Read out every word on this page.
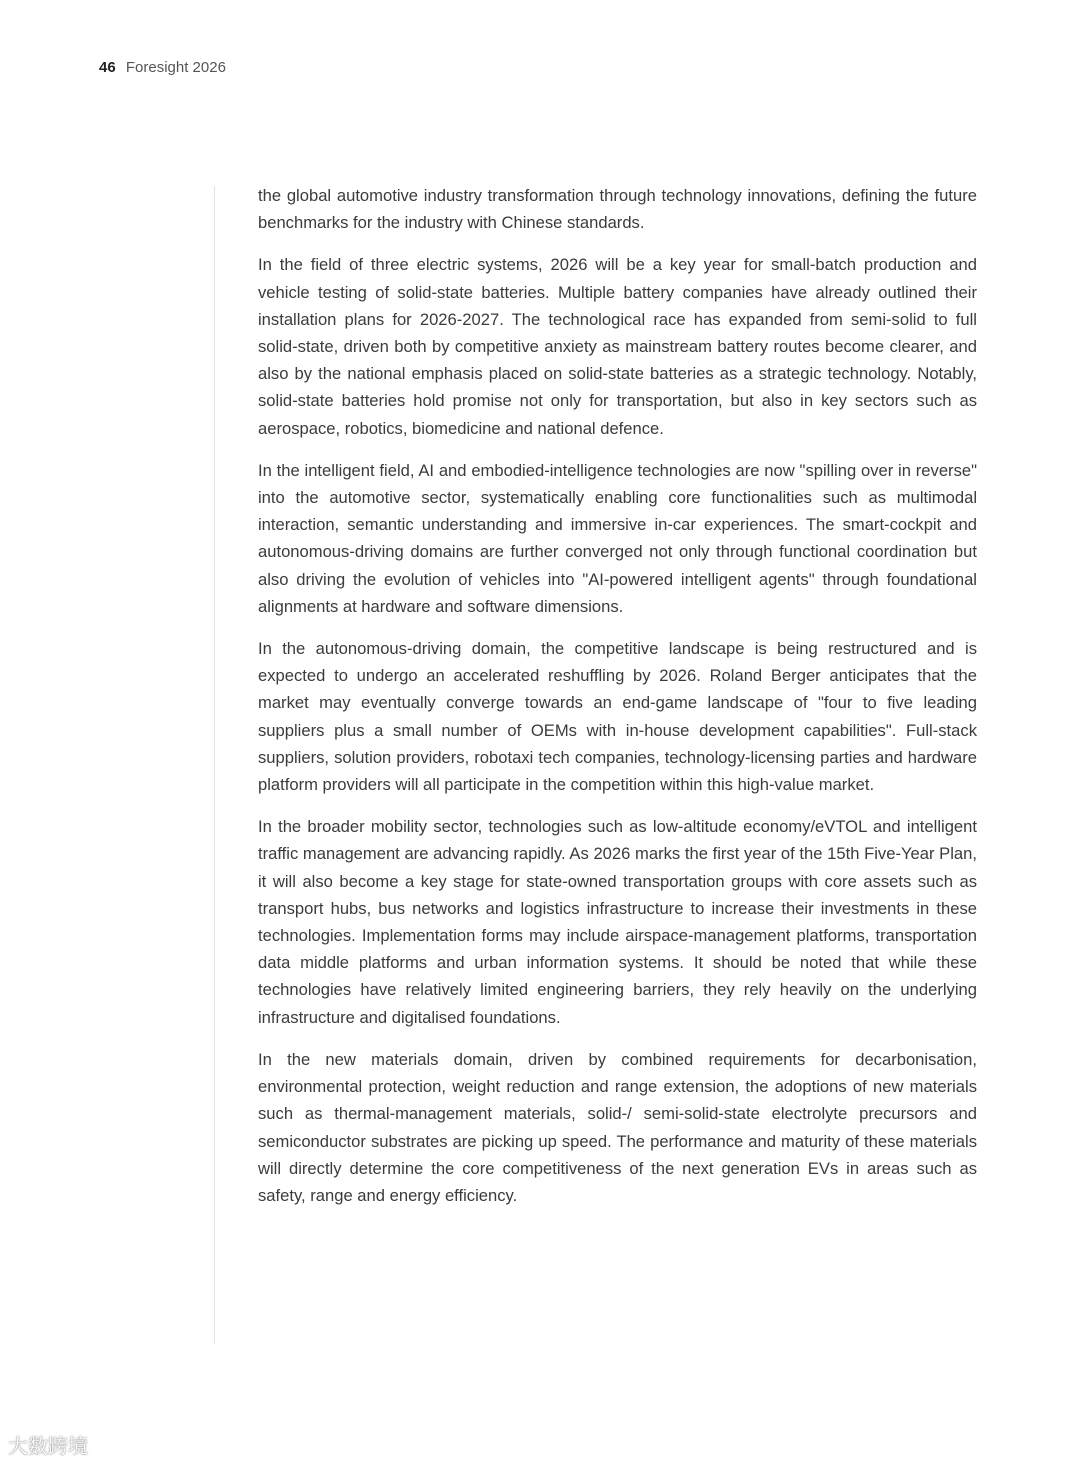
46 Foresight 2026

the global automotive industry transformation through technology innovations, defining the future benchmarks for the industry with Chinese standards.

In the field of three electric systems, 2026 will be a key year for small-batch production and vehicle testing of solid-state batteries. Multiple battery companies have already outlined their installation plans for 2026-2027. The technological race has expanded from semi-solid to full solid-state, driven both by competitive anxiety as mainstream battery routes become clearer, and also by the national emphasis placed on solid-state batteries as a strategic technology. Notably, solid-state batteries hold promise not only for transportation, but also in key sectors such as aerospace, robotics, biomedicine and national defence.

In the intelligent field, AI and embodied-intelligence technologies are now "spilling over in reverse" into the automotive sector, systematically enabling core functionalities such as multimodal interaction, semantic understanding and immersive in-car experiences. The smart-cockpit and autonomous-driving domains are further converged not only through functional coordination but also driving the evolution of vehicles into "AI-powered intelligent agents" through foundational alignments at hardware and software dimensions.

In the autonomous-driving domain, the competitive landscape is being restructured and is expected to undergo an accelerated reshuffling by 2026. Roland Berger anticipates that the market may eventually converge towards an end-game landscape of "four to five leading suppliers plus a small number of OEMs with in-house development capabilities". Full-stack suppliers, solution providers, robotaxi tech companies, technology-licensing parties and hardware platform providers will all participate in the competition within this high-value market.

In the broader mobility sector, technologies such as low-altitude economy/eVTOL and intelligent traffic management are advancing rapidly. As 2026 marks the first year of the 15th Five-Year Plan, it will also become a key stage for state-owned transportation groups with core assets such as transport hubs, bus networks and logistics infrastructure to increase their investments in these technologies. Implementation forms may include airspace-management platforms, transportation data middle platforms and urban information systems. It should be noted that while these technologies have relatively limited engineering barriers, they rely heavily on the underlying infrastructure and digitalised foundations.

In the new materials domain, driven by combined requirements for decarbonisation, environmental protection, weight reduction and range extension, the adoptions of new materials such as thermal-management materials, solid-/ semi-solid-state electrolyte precursors and semiconductor substrates are picking up speed. The performance and maturity of these materials will directly determine the core competitiveness of the next generation EVs in areas such as safety, range and energy efficiency.

大数跨境
